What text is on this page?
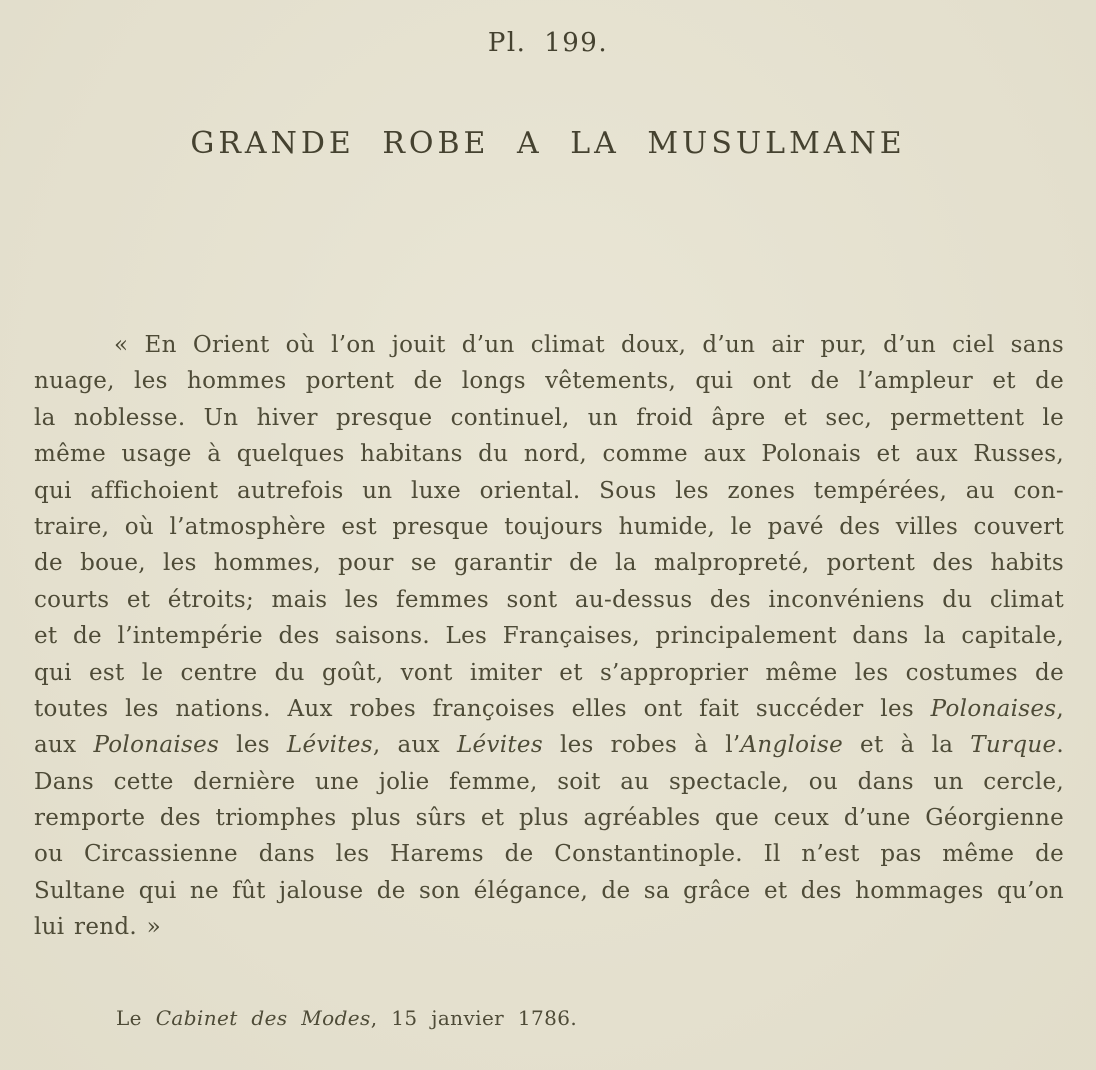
Pl. 199.
GRANDE ROBE A LA MUSULMANE
« En Orient où l’on jouit d’un climat doux, d’un air pur, d’un ciel sans
nuage, les hommes portent de longs vêtements, qui ont de l’ampleur et de
la noblesse. Un hiver presque continuel, un froid âpre et sec, permettent le
même usage à quelques habitans du nord, comme aux Polonais et aux Russes,
qui affichoient autrefois un luxe oriental. Sous les zones tempérées, au con-
traire, où l’atmosphère est presque toujours humide, le pavé des villes couvert
de boue, les hommes, pour se garantir de la malpropreté, portent des habits
courts et étroits; mais les femmes sont au-dessus des inconvéniens du climat
et de l’intempérie des saisons. Les Françaises, principalement dans la capitale,
qui est le centre du goût, vont imiter et s’approprier même les costumes de
toutes les nations. Aux robes françoises elles ont fait succéder les Polonaises,
aux Polonaises les Lévites, aux Lévites les robes à l’Angloise et à la Turque.
Dans cette dernière une jolie femme, soit au spectacle, ou dans un cercle,
remporte des triomphes plus sûrs et plus agréables que ceux d’une Géorgienne
ou Circassienne dans les Harems de Constantinople. Il n’est pas même de
Sultane qui ne fût jalouse de son élégance, de sa grâce et des hommages qu’on
lui rend. »
Le Cabinet des Modes, 15 janvier 1786.
